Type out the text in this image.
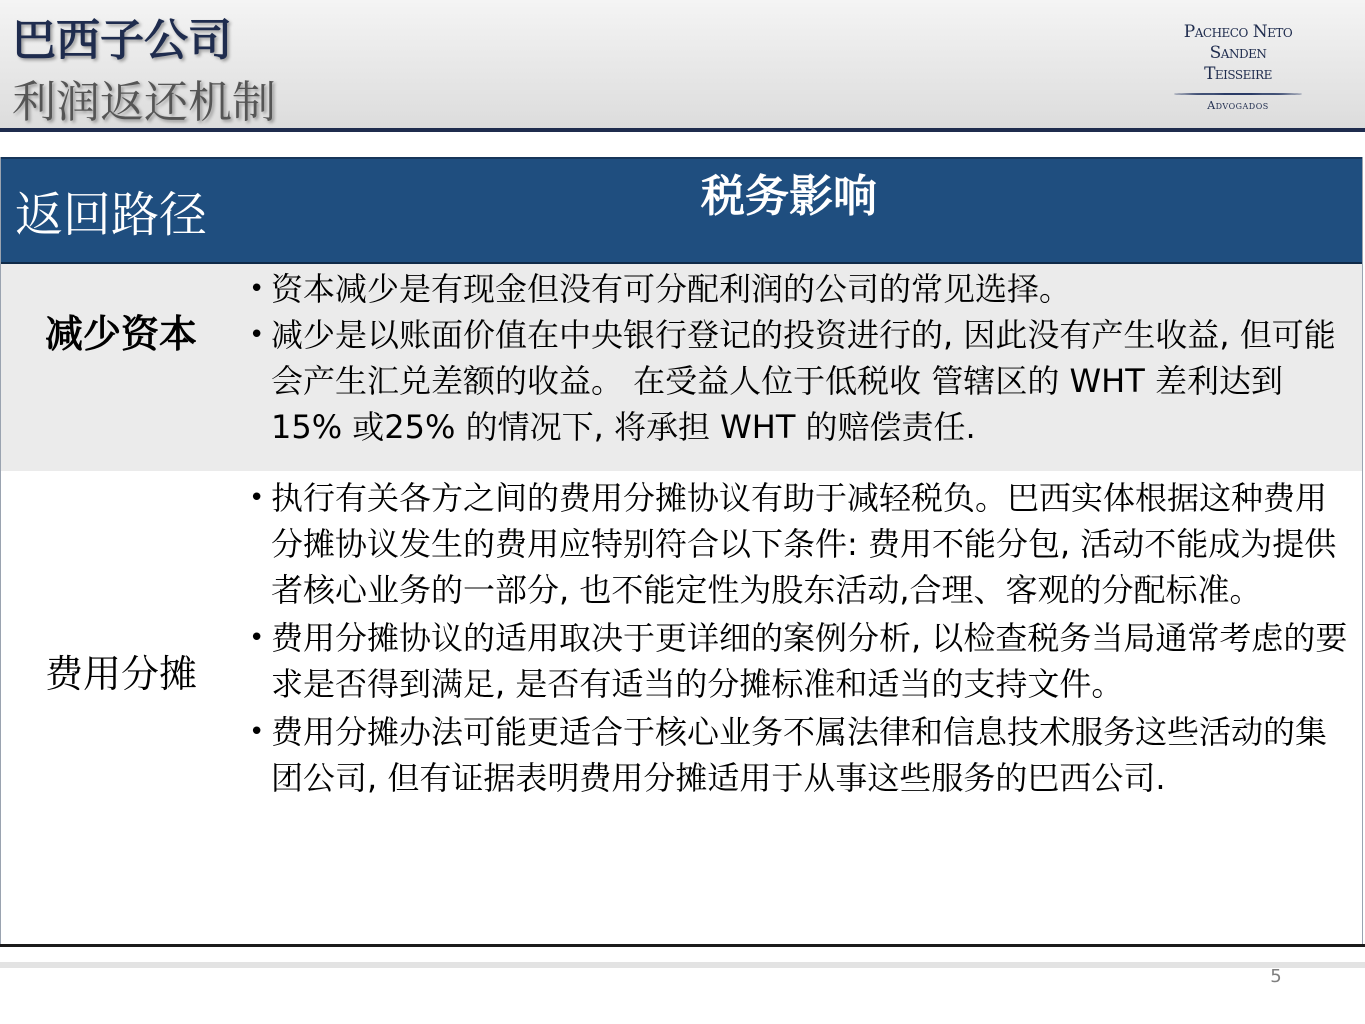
巴西子公司
利润返还机制
Pacheco Neto
Sanden
Teisseire
Advogados
返回路径	税务影响
减少资本
• 资本减少是有现金但没有可分配利润的公司的常见选择。
• 减少是以账面价值在中央银行登记的投资进行的, 因此没有产生收益, 但可能会产生汇兑差额的收益。 在受益人位于低税收 管辖区的 WHT 差利达到15% 或25% 的情况下, 将承担 WHT 的赔偿责任.
费用分摊
• 执行有关各方之间的费用分摊协议有助于减轻税负。巴西实体根据这种费用分摊协议发生的费用应特别符合以下条件: 费用不能分包, 活动不能成为提供者核心业务的一部分, 也不能定性为股东活动,合理、客观的分配标准。
• 费用分摊协议的适用取决于更详细的案例分析, 以检查税务当局通常考虑的要求是否得到满足, 是否有适当的分摊标准和适当的支持文件。
• 费用分摊办法可能更适合于核心业务不属法律和信息技术服务这些活动的集团公司, 但有证据表明费用分摊适用于从事这些服务的巴西公司.
5
